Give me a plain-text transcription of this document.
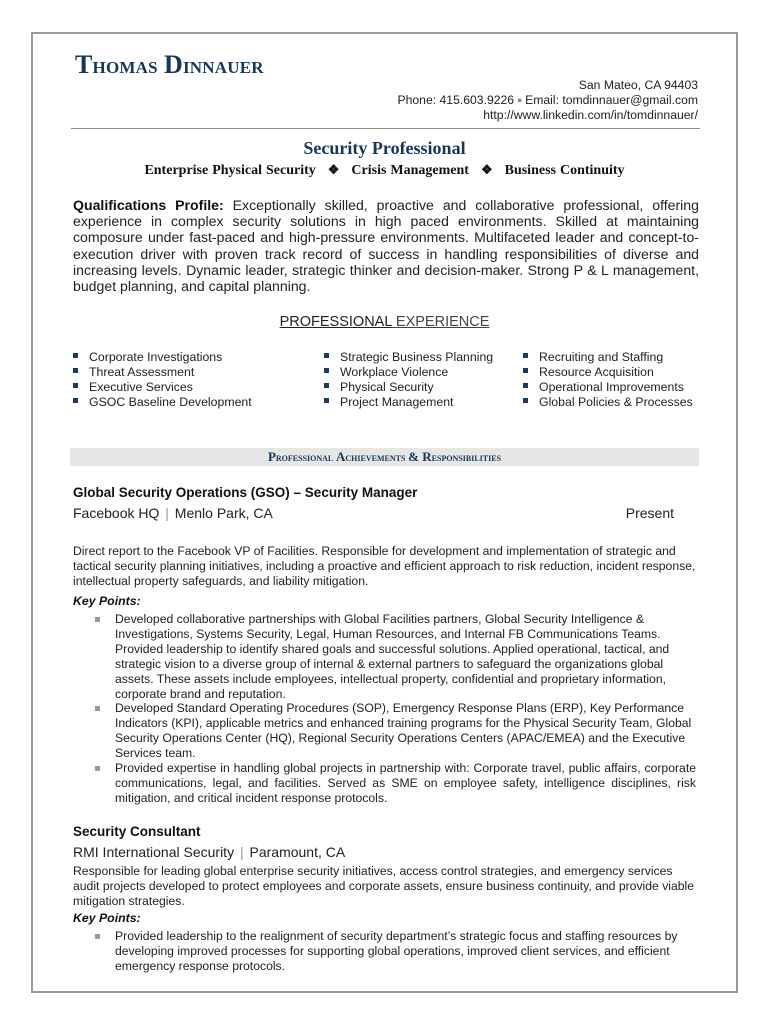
Thomas Dinnauer
San Mateo, CA 94403
Phone: 415.603.9226 ■ Email: tomdinnauer@gmail.com
http://www.linkedin.com/in/tomdinnauer/
Security Professional
Enterprise Physical Security ❖ Crisis Management ❖ Business Continuity
Qualifications Profile: Exceptionally skilled, proactive and collaborative professional, offering experience in complex security solutions in high paced environments. Skilled at maintaining composure under fast-paced and high-pressure environments. Multifaceted leader and concept-to-execution driver with proven track record of success in handling responsibilities of diverse and increasing levels. Dynamic leader, strategic thinker and decision-maker. Strong P & L management, budget planning, and capital planning.
PROFESSIONAL EXPERIENCE
Corporate Investigations
Threat Assessment
Executive Services
GSOC Baseline Development
Strategic Business Planning
Workplace Violence
Physical Security
Project Management
Recruiting and Staffing
Resource Acquisition
Operational Improvements
Global Policies & Processes
Professional Achievements & Responsibilities
Global Security Operations (GSO) – Security Manager
Facebook HQ | Menlo Park, CA	Present
Direct report to the Facebook VP of Facilities. Responsible for development and implementation of strategic and tactical security planning initiatives, including a proactive and efficient approach to risk reduction, incident response, intellectual property safeguards, and liability mitigation.
Key Points:
Developed collaborative partnerships with Global Facilities partners, Global Security Intelligence & Investigations, Systems Security, Legal, Human Resources, and Internal FB Communications Teams. Provided leadership to identify shared goals and successful solutions. Applied operational, tactical, and strategic vision to a diverse group of internal & external partners to safeguard the organizations global assets. These assets include employees, intellectual property, confidential and proprietary information, corporate brand and reputation.
Developed Standard Operating Procedures (SOP), Emergency Response Plans (ERP), Key Performance Indicators (KPI), applicable metrics and enhanced training programs for the Physical Security Team, Global Security Operations Center (HQ), Regional Security Operations Centers (APAC/EMEA) and the Executive Services team.
Provided expertise in handling global projects in partnership with: Corporate travel, public affairs, corporate communications, legal, and facilities. Served as SME on employee safety, intelligence disciplines, risk mitigation, and critical incident response protocols.
Security Consultant
RMI International Security | Paramount, CA
Responsible for leading global enterprise security initiatives, access control strategies, and emergency services audit projects developed to protect employees and corporate assets, ensure business continuity, and provide viable mitigation strategies.
Key Points:
Provided leadership to the realignment of security department’s strategic focus and staffing resources by developing improved processes for supporting global operations, improved client services, and efficient emergency response protocols.
